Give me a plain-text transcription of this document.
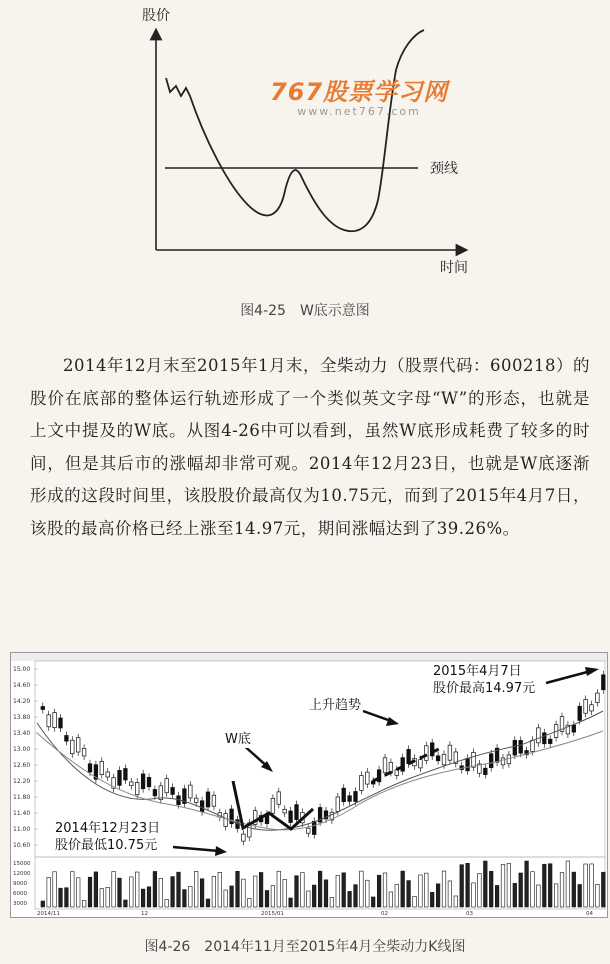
股价
时间
颈线
767股票学习网
www.net767.com
图4-25　W底示意图
2014年12月末至2015年1月末，全柴动力（股票代码：600218）的股价在底部的整体运行轨迹形成了一个类似英文字母“W”的形态，也就是上文中提及的W底。从图4-26中可以看到，虽然W底形成耗费了较多的时间，但是其后市的涨幅却非常可观。2014年12月23日，也就是W底逐渐形成的这段时间里，该股股价最高仅为10.75元，而到了2015年4月7日，该股的最高价格已经上涨至14.97元，期间涨幅达到了39.26%。
15.00
14.60
14.20
13.80
13.40
13.00
12.60
12.20
11.80
11.40
11.00
10.60
15000
12000
9000
6000
3000
2014/11	12	2015/01	02	03	04
2015年4月7日
股价最高14.97元
上升趋势
W底
2014年12月23日
股价最低10.75元
图4-26　2014年11月至2015年4月全柴动力K线图
